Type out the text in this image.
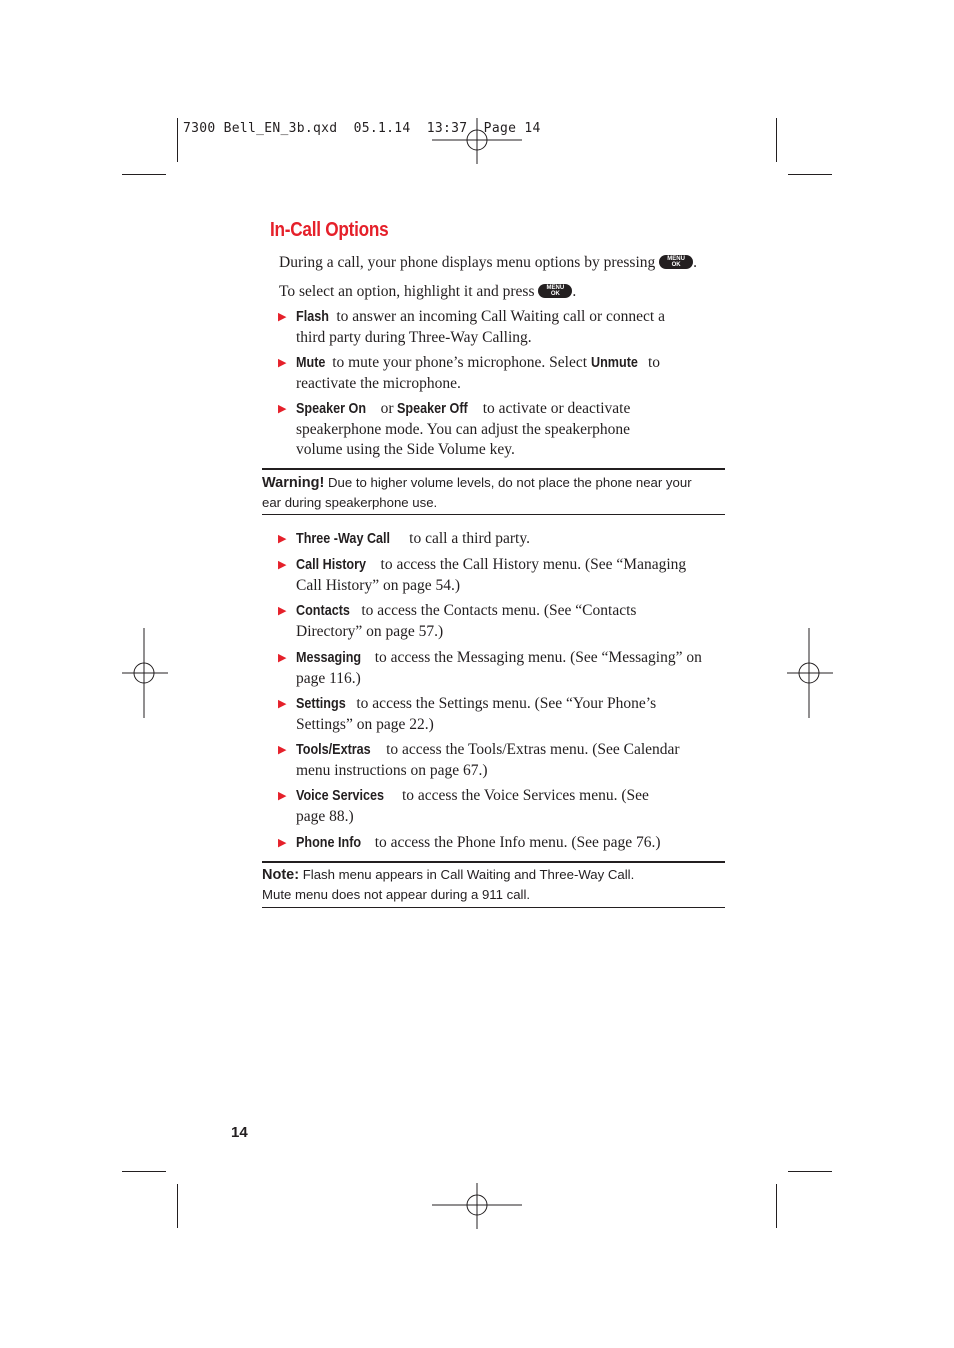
7300 Bell_EN_3b.qxd  05.1.14  13:37  Page 14
In-Call Options
During a call, your phone displays menu options by pressing	MENU
OK .
To select an option, highlight it and press	MENU
OK .
▶ Flash to answer an incoming Call Waiting call or connect a
third party during Three-Way Calling.
▶ Mute to mute your phone’s microphone. Select Unmute to
reactivate the microphone.
▶ Speaker On or Speaker Off to activate or deactivate
speakerphone mode. You can adjust the speakerphone
volume using the Side Volume key.
Warning! Due to higher volume levels, do not place the phone near your
ear during speakerphone use.
▶ Three -Way Call to call a third party.
▶ Call History to access the Call History menu. (See “Managing
Call History” on page 54.)
▶ Contacts to access the Contacts menu. (See “Contacts
Directory” on page 57.)
▶ Messaging to access the Messaging menu. (See “Messaging” on
page 116.)
▶ Settings to access the Settings menu. (See “Your Phone’s
Settings” on page 22.)
▶ Tools/Extras to access the Tools/Extras menu. (See Calendar
menu instructions on page 67.)
▶ Voice Services to access the Voice Services menu. (See
page 88.)
▶ Phone Info to access the Phone Info menu. (See page 76.)
Note: Flash menu appears in Call Waiting and Three-Way Call.
Mute menu does not appear during a 911 call.
14
